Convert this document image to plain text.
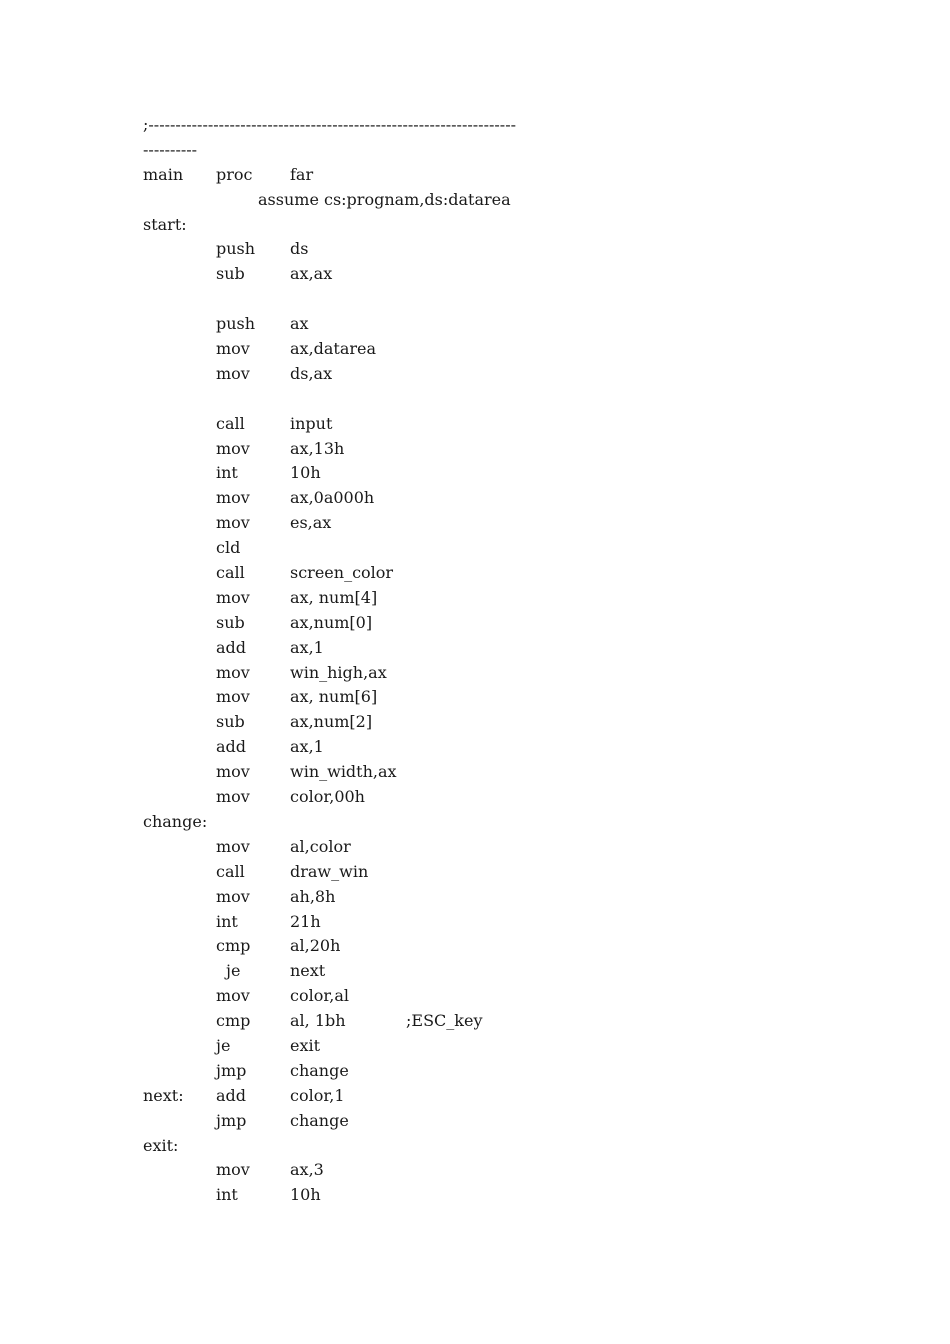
;--------------------------------------------------------------------

----------

main proc far
assume cs:prognam,ds:datarea
start:
push ds
sub	ax,ax
push ax
mov	ax,datarea
mov	ds,ax
call	input
mov	ax,13h
int	10h
mov	ax,0a000h
mov	es,ax
cld
call	screen_color
mov	ax, num[4]
sub	ax,num[0]
add	ax,1
mov	win_high,ax
mov	ax, num[6]
sub	ax,num[2]
add	ax,1
mov	win_width,ax
mov	color,00h
change:
mov	al,color
call	draw_win
mov	ah,8h
int	21h
cmp al,20h
je	next
mov	color,al
cmp al, 1bh	;ESC_key
je	exit
jmp	change
next: add	color,1
jmp	change
exit:
mov	ax,3
int	10h
